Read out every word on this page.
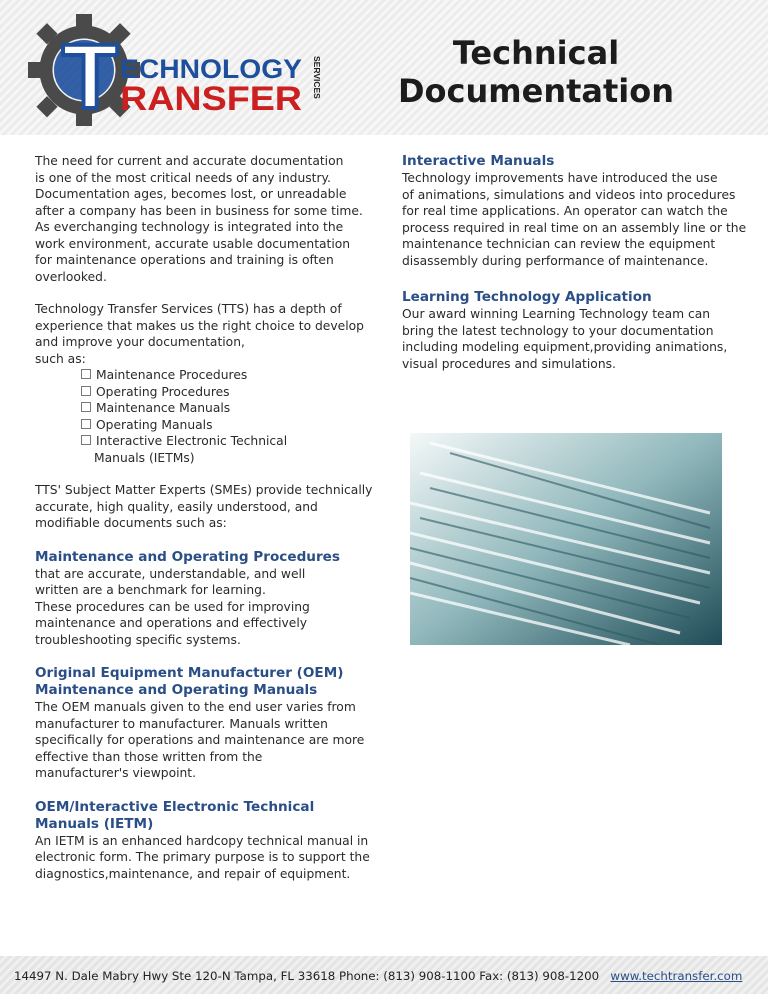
T ECHNOLOGY
RANSFER
SERVICES
Technical
Documentation

The need for current and accurate documentation
is one of the most critical needs of any industry.
Documentation ages, becomes lost, or unreadable
after a company has been in business for some time.
As everchanging technology is integrated into the
work environment, accurate usable documentation
for maintenance operations and training is often
overlooked.

Technology Transfer Services (TTS) has a depth of
experience that makes us the right choice to develop
and improve your documentation,
such as:

Maintenance Procedures
Operating Procedures
Maintenance Manuals
Operating Manuals
Interactive Electronic Technical
Manuals (IETMs)

TTS' Subject Matter Experts (SMEs) provide technically
accurate, high quality, easily understood, and
modifiable documents such as:

Maintenance and Operating Procedures

that are accurate, understandable, and well
written are a benchmark for learning.
These procedures can be used for improving
maintenance and operations and effectively
troubleshooting specific systems.

Original Equipment Manufacturer (OEM)
Maintenance and Operating Manuals

The OEM manuals given to the end user varies from
manufacturer to manufacturer. Manuals written
specifically for operations and maintenance are more
effective than those written from the
manufacturer's viewpoint.

OEM/Interactive Electronic Technical
Manuals (IETM)

An IETM is an enhanced hardcopy technical manual in
electronic form. The primary purpose is to support the
diagnostics,maintenance, and repair of equipment.

Interactive Manuals

Technology improvements have introduced the use
of animations, simulations and videos into procedures
for real time applications. An operator can watch the
process required in real time on an assembly line or the
maintenance technician can review the equipment
disassembly during performance of maintenance.

Learning Technology Application

Our award winning Learning Technology team can
bring the latest technology to your documentation
including modeling equipment,providing animations,
visual procedures and simulations.

14497 N. Dale Mabry Hwy Ste 120-N Tampa, FL 33618 Phone: (813) 908-1100 Fax: (813) 908-1200 www.techtransfer.com
